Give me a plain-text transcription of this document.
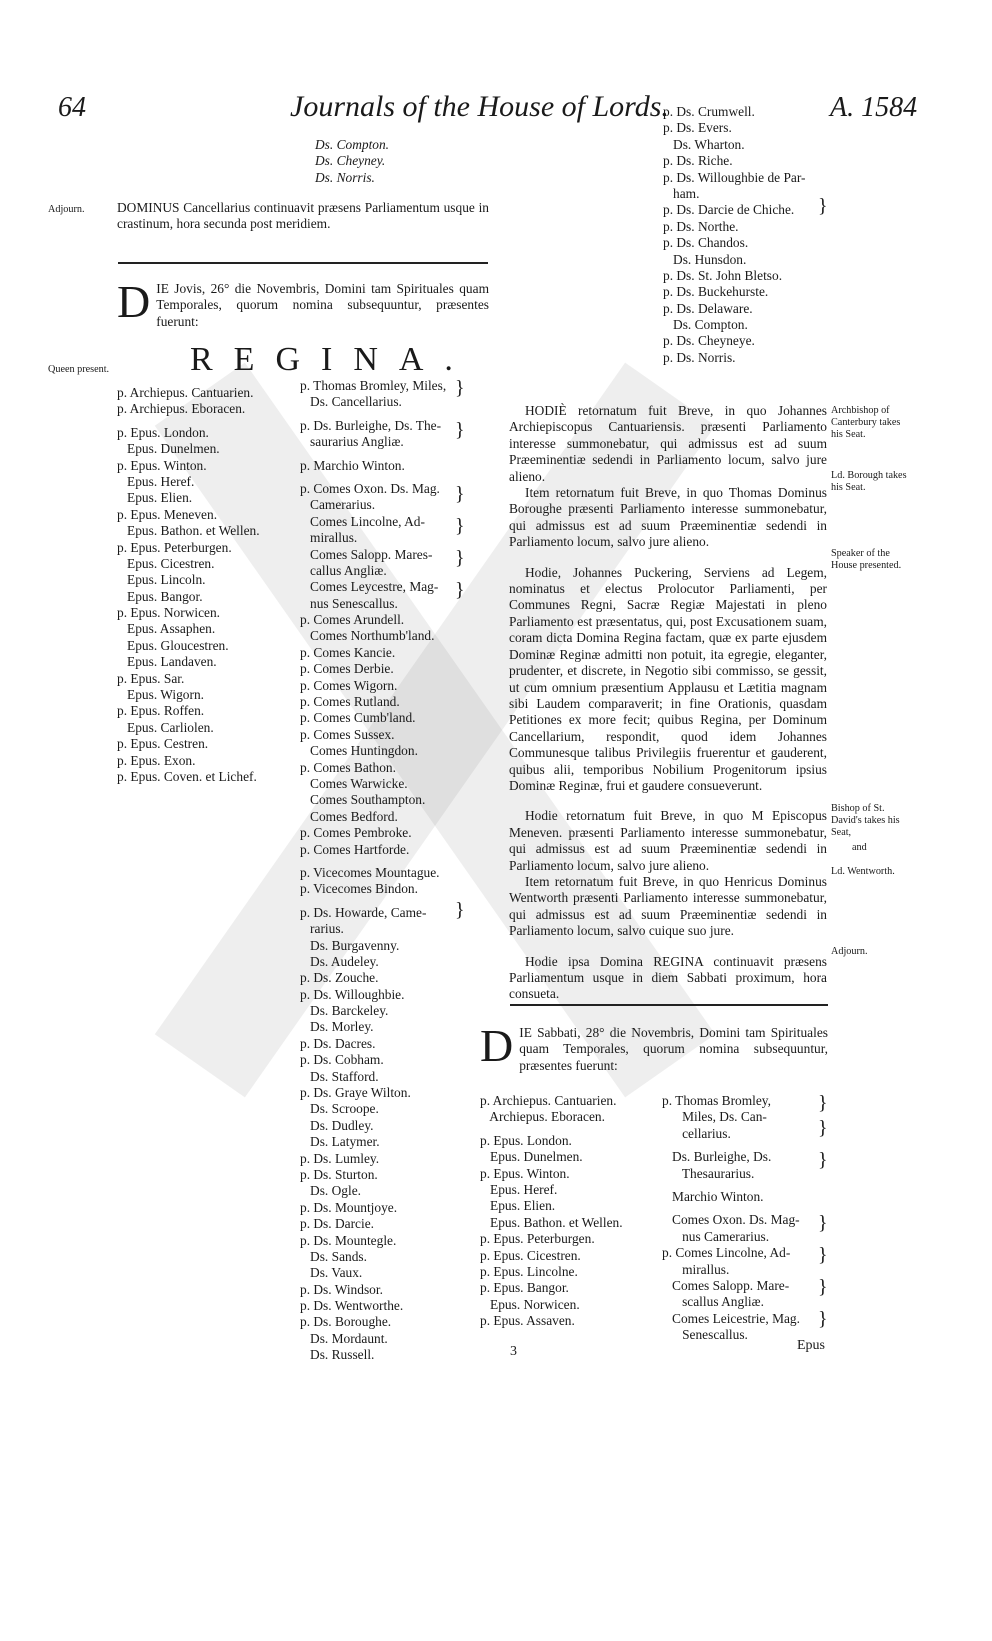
64	Journals of the House of Lords.	A. 1584
Ds. Compton.
Ds. Cheyney.
Ds. Norris.
Adjourn. DOMINUS Cancellarius continuavit præsens Parliamentum usque in crastinum, hora secunda post meridiem.
D IE Jovis, 26° die Novembris, Domini tam Spirituales quam Temporales, quorum nomina subsequuntur, præsentes fuerunt:
Queen present. REGINA.
p. Archiepus. Cantuarien.
p. Archiepus. Eboracen.
p. Epus. London.
Epus. Dunelmen.
p. Epus. Winton.
Epus. Heref.
Epus. Elien.
p. Epus. Meneven.
Epus. Bathon. et Wellen.
p. Epus. Peterburgen.
Epus. Cicestren.
Epus. Lincoln.
Epus. Bangor.
p. Epus. Norwicen.
Epus. Assaphen.
Epus. Gloucestren.
Epus. Landaven.
p. Epus. Sar.
Epus. Wigorn.
p. Epus. Roffen.
Epus. Carliolen.
p. Epus. Cestren.
p. Epus. Exon.
p. Epus. Coven. et Lichef.
p. Thomas Bromley, Miles,
Ds. Cancellarius.
p. Ds. Burleighe, Ds. The-
saurarius Angliæ.
p. Marchio Winton.
p. Comes Oxon. Ds. Mag.
Camerarius.
Comes Lincolne, Ad-
mirallus.
Comes Salopp. Mares-
callus Angliæ.
Comes Leycestre, Mag-
nus Senescallus.
p. Comes Arundell.
Comes Northumb'land.
p. Comes Kancie.
p. Comes Derbie.
p. Comes Wigorn.
p. Comes Rutland.
p. Comes Cumb'land.
p. Comes Sussex.
Comes Huntingdon.
p. Comes Bathon.
Comes Warwicke.
Comes Southampton.
Comes Bedford.
p. Comes Pembroke.
p. Comes Hartforde.
p. Vicecomes Mountague.
p. Vicecomes Bindon.
p. Ds. Howarde, Came-
rarius.
Ds. Burgavenny.
Ds. Audeley.
p. Ds. Zouche.
p. Ds. Willoughbie.
Ds. Barckeley.
Ds. Morley.
p. Ds. Dacres.
p. Ds. Cobham.
Ds. Stafford.
p. Ds. Graye Wilton.
Ds. Scroope.
Ds. Dudley.
Ds. Latymer.
p. Ds. Lumley.
p. Ds. Sturton.
Ds. Ogle.
p. Ds. Mountjoye.
p. Ds. Darcie.
p. Ds. Mountegle.
Ds. Sands.
Ds. Vaux.
p. Ds. Windsor.
p. Ds. Wentworthe.
p. Ds. Boroughe.
Ds. Mordaunt.
Ds. Russell.
p. Ds. Crumwell.
p. Ds. Evers.
Ds. Wharton.
p. Ds. Riche.
p. Ds. Willoughbie de Par-
ham.
p. Ds. Darcie de Chiche.
p. Ds. Northe.
p. Ds. Chandos.
Ds. Hunsdon.
p. Ds. St. John Bletso.
p. Ds. Buckehurste.
p. Ds. Delaware.
Ds. Compton.
p. Ds. Cheyneye.
p. Ds. Norris.
}
}
}
}
}
}
}
}

HODIÈ retornatum fuit Breve, in quo Johannes Archiepiscopus Cantuariensis. præsenti Parliamento interesse summonebatur, qui admissus est ad suum Præeminentiæ sedendi in Parliamento locum, salvo jure alieno.

Item retornatum fuit Breve, in quo Thomas Dominus Boroughe præsenti Parliamento interesse summonebatur, qui admissus est ad suum Præeminentiæ sedendi in Parliamento locum, salvo jure alieno.

Hodie, Johannes Puckering, Serviens ad Legem, nominatus et electus Prolocutor Parliamenti, per Communes Regni, Sacræ Regiæ Majestati in pleno Parliamento est præsentatus, qui, post Excusationem suam, coram dicta Domina Regina factam, quæ ex parte ejusdem Dominæ Reginæ admitti non potuit, ita egregie, eleganter, prudenter, et discrete, in Negotio sibi commisso, se gessit, ut cum omnium præsentium Applausu et Lætitia magnam sibi Laudem comparaverit; in fine Orationis, quasdam Petitiones ex more fecit; quibus Regina, per Dominum Cancellarium, respondit, quod idem Johannes Communesque talibus Privilegiis fruerentur et gauderent, quibus alii, temporibus Nobilium Progenitorum ipsius Dominæ Reginæ, frui et gaudere consueverunt.

Hodie retornatum fuit Breve, in quo M Episcopus Meneven. præsenti Parliamento interesse summonebatur, qui admissus est ad suum Præeminentiæ sedendi in Parliamento locum, salvo jure alieno.

Item retornatum fuit Breve, in quo Henricus Dominus Wentworth præsenti Parliamento interesse summonebatur, qui admissus est ad suum Præeminentiæ sedendi in Parliamento locum, salvo cuique suo jure.

Hodie ipsa Domina REGINA continuavit præsens Parliamentum usque in diem Sabbati proximum, hora consueta.

Archbishop of Canterbury takes his Seat.
Ld. Borough takes his Seat.
Speaker of the House presented.
Bishop of St. David's takes his Seat,
and
Ld. Wentworth.
Adjourn.
D IE Sabbati, 28° die Novembris, Domini tam Spirituales quam Temporales, quorum nomina subsequuntur, præsentes fuerunt:
p. Archiepus. Cantuarien.
Archiepus. Eboracen.
p. Epus. London.
Epus. Dunelmen.
p. Epus. Winton.
Epus. Heref.
Epus. Elien.
Epus. Bathon. et Wellen.
p. Epus. Peterburgen.
p. Epus. Cicestren.
p. Epus. Lincolne.
p. Epus. Bangor.
Epus. Norwicen.
p. Epus. Assaven.
p. Thomas Bromley,
Miles, Ds. Can-
cellarius.
Ds. Burleighe, Ds.
Thesaurarius.
Marchio Winton.
Comes Oxon. Ds. Mag-
nus Camerarius.
p. Comes Lincolne, Ad-
mirallus.
Comes Salopp. Mare-
scallus Angliæ.
Comes Leicestrie, Mag.
Senescallus.
}
}
}
}
}
}
}
3	Epus
